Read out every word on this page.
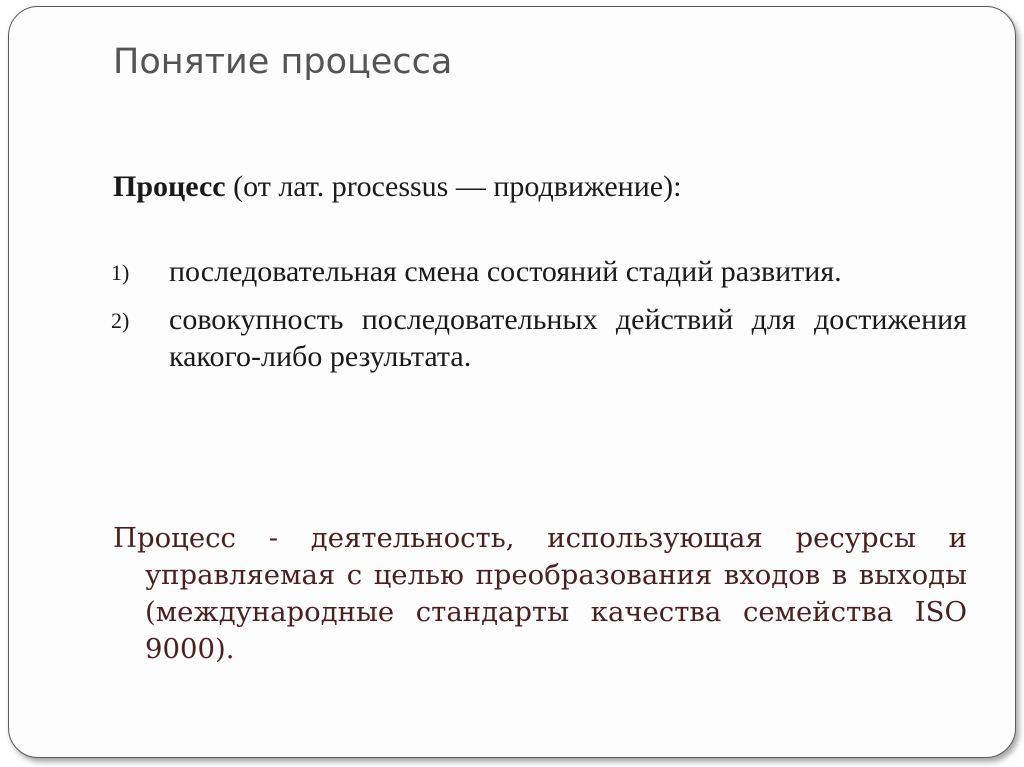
Понятие процесса

Процесс (от лат. processus — продвижение):

1) последовательная смена состояний стадий развития.
2) совокупность последовательных действий для достижения какого-либо результата.

Процесс - деятельность, использующая ресурсы и управляемая с целью преобразования входов в выходы (международные стандарты качества семейства ISO 9000).
